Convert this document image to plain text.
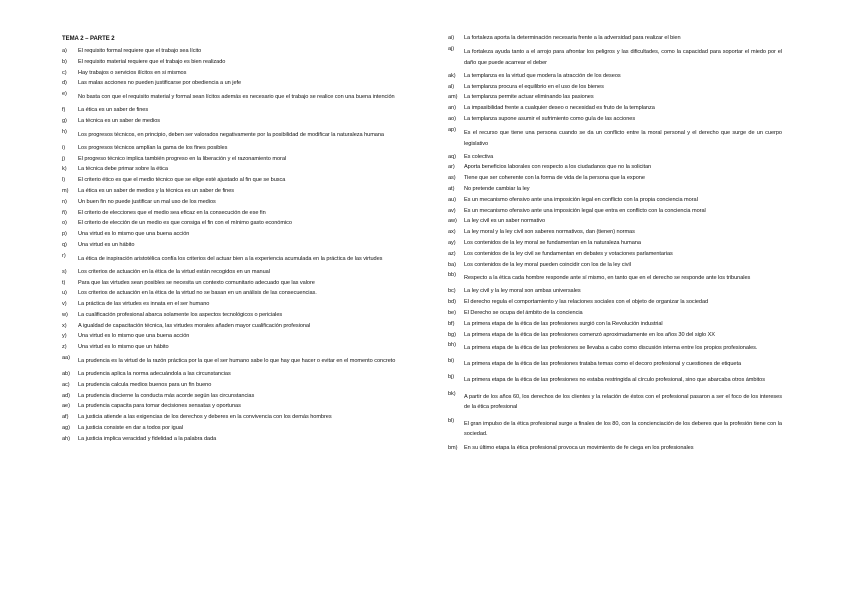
TEMA 2 – PARTE 2
a)	El requisito formal requiere que el trabajo sea lícito
b)	El requisito material requiere que el trabajo es bien realizado
c)	Hay trabajos o servicios ilícitos en si mismos
d)	Las malas acciones no pueden justificarse por obediencia a un jefe
e)	No basta con que el requisito material y formal sean lícitos además es necesario que el trabajo se realice con una buena intención
f)	La ética es un saber de fines
g)	La técnica es un saber de medios
h)	Los progresos técnicos, en principio, deben ser valorados negativamente por la posibilidad de modificar la naturaleza humana
i)	Los progresos técnicos amplían la gama de los fines posibles
j)	El progreso técnico implica también progreso en la liberación y el razonamiento moral
k)	La técnica debe primar sobre la ética
l)	El criterio ético es que el medio técnico que se elige esté ajustado al fin que se busca
m)	La ética es un saber de medios y la técnica es un saber de fines
n)	Un buen fin no puede justificar un mal uso de los medios
ñ)	El criterio de elecciones que el medio sea eficaz en la consecución de ese fin
o)	El criterio de elección de un medio es que consiga el fin con el mínimo gasto económico
p)	Una virtud es lo mismo que una buena acción
q)	Una virtud es un hábito
r)	La ética de inspiración aristotélica confía los criterios del actuar bien a la experiencia acumulada en la práctica de las virtudes
s)	Los criterios de actuación en la ética de la virtud están recogidos en un manual
t)	Para que las virtudes sean posibles se necesita un contexto comunitario adecuado que las valore
u)	Los criterios de actuación en la ética de la virtud no se basan en un análisis de las consecuencias.
v)	La práctica de las virtudes es innata en el ser humano
w)	La cualificación profesional abarca solamente los aspectos tecnológicos o periciales
x)	A igualdad de capacitación técnica, las virtudes morales añaden mayor cualificación profesional
y)	Una virtud es lo mismo que una buena acción
z)	Una virtud es lo mismo que un hábito
aa)	La prudencia es la virtud de la razón práctica por la que el ser humano sabe lo que hay que hacer o evitar en el momento concreto
ab)	La prudencia aplica la norma adecuándola a las circunstancias
ac)	La prudencia calcula medios buenos para un fin bueno
ad)	La prudencia discierne la conducta más acorde según las circunstancias
ae)	La prudencia capacita para tomar decisiones sensatas y oportunas
af)	La justicia atiende a las exigencias de los derechos y deberes en la convivencia con los demás hombres
ag)	La justicia consiste en dar a todos por igual
ah)	La justicia implica veracidad y fidelidad a la palabra dada
ai)	La fortaleza aporta la determinación necesaria frente a la adversidad para realizar el bien
aj)	La fortaleza ayuda tanto a el arrojo para afrontar los peligros y las dificultades, como la capacidad para soportar el miedo por el daño que puede acarrear el deber
ak)	La templanza es la virtud que modera la atracción de los deseos
al)	La templanza procura el equilibrio en el uso de los bienes
am)	La templanza permite actuar eliminando las pasiones
an)	La impasibilidad frente a cualquier deseo o necesidad es fruto de la templanza
ao)	La templanza supone asumir el sufrimiento como guía de las acciones
ap)	Es el recurso que tiene una persona cuando se da un conflicto entre la moral personal y el derecho que surge de un cuerpo legislativo
aq)	Es colectiva
ar)	Aporta beneficios laborales con respecto a los ciudadanos que no la solicitan
as)	Tiene que ser coherente con la forma de vida de la persona que la expone
at)	No pretende cambiar la ley
au)	Es un mecanismo ofensivo ante una imposición legal en conflicto con la propia conciencia moral
av)	Es un mecanismo ofensivo ante una imposición legal que entra en conflicto con la conciencia moral
aw)	La ley civil es un saber normativo
ax)	La ley moral y la ley civil son saberes normativos, dan (tienen) normas
ay)	Los contenidos de la ley moral se fundamentan en la naturaleza humana
az)	Los contenidos de la ley civil se fundamentan en debates y votaciones parlamentarias
ba)	Los contenidos de la ley moral pueden coincidir con los de la ley civil
bb)	Respecto a la ética cada hombre responde ante sí mismo, en tanto que en el derecho se responde ante los tribunales
bc)	La ley civil y la ley moral son ambas universales
bd)	El derecho regula el comportamiento y las relaciones sociales con el objeto de organizar la sociedad
be)	El Derecho se ocupa del ámbito de la conciencia
bf)	La primera etapa de la ética de las profesiones surgió con la Revolución industrial
bg)	La primera etapa de la ética de las profesiones comenzó aproximadamente en los años 30 del siglo XX
bh)	La primera etapa de la ética de las profesiones se llevaba a cabo como discusión interna entre los propios profesionales.
bi)	La primera etapa de la ética de las profesiones trataba temas como el decoro profesional y cuestiones de etiqueta
bj)	La primera etapa de la ética de las profesiones no estaba restringida al círculo profesional, sino que abarcaba otros ámbitos
bk)	A partir de los años 60, los derechos de los clientes y la relación de éstos con el profesional pasaron a ser el foco de los intereses de la ética profesional
bl)	El gran impulso de la ética profesional surge a finales de los 80, con la concienciación de los deberes que la profesión tiene con la sociedad.
bm)	En su último etapa la ética profesional provoca un movimiento de fe ciega en los profesionales
